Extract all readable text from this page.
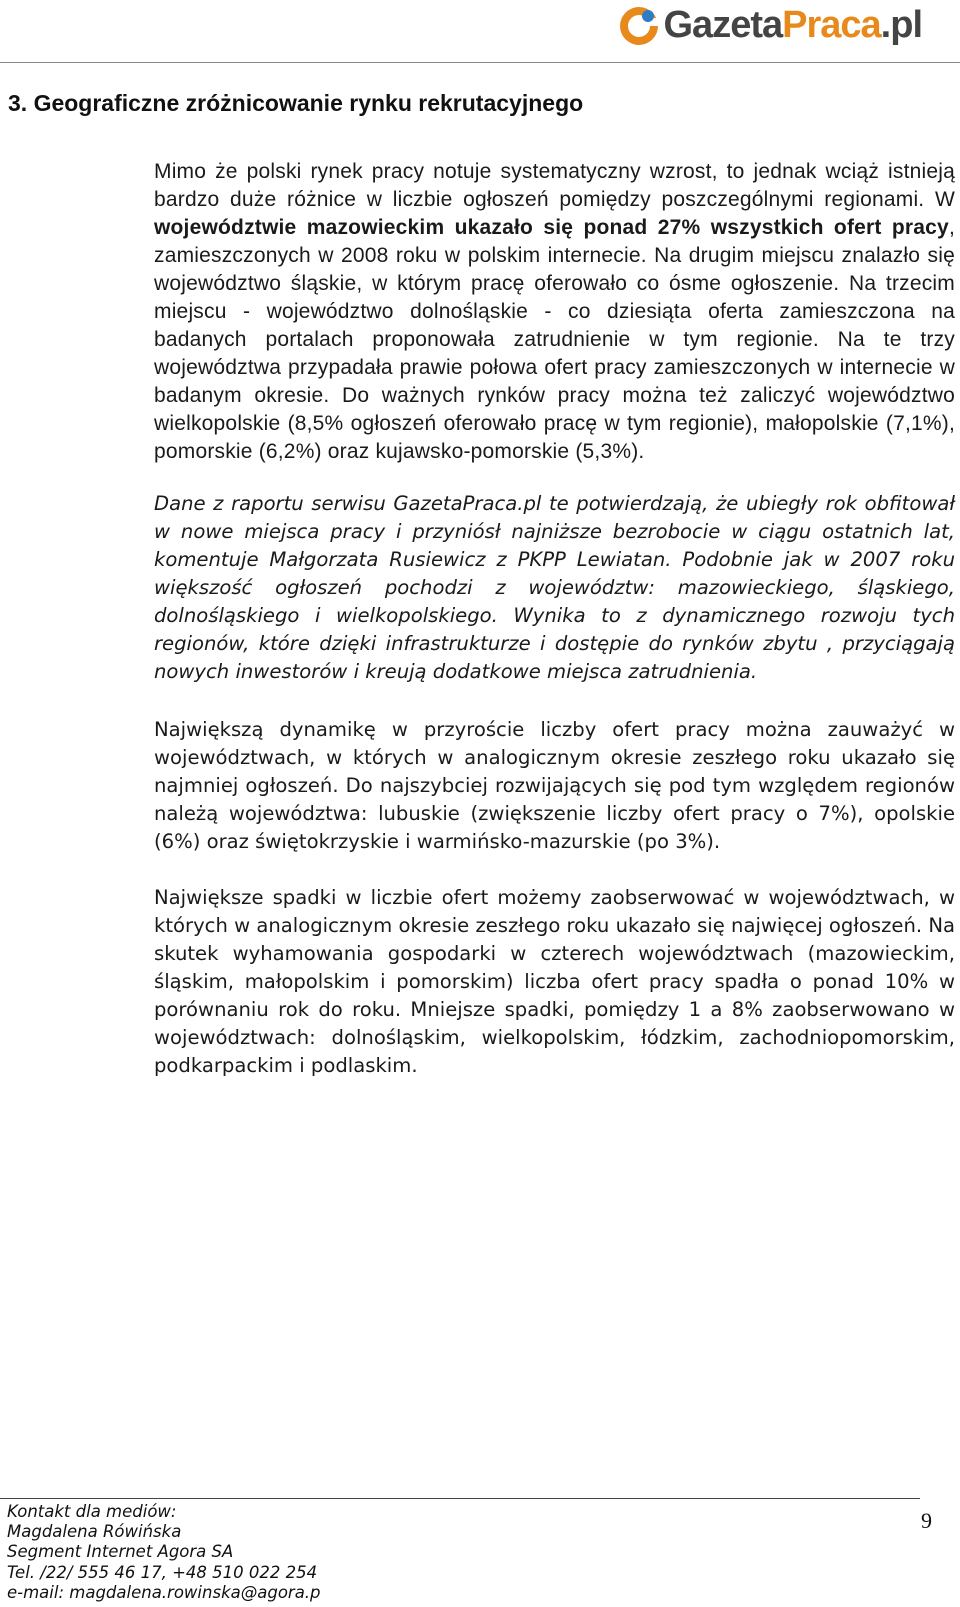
GazetaPraca.pl
3. Geograficzne zróżnicowanie rynku rekrutacyjnego

Mimo że polski rynek pracy notuje systematyczny wzrost, to jednak wciąż istnieją bardzo duże różnice w liczbie ogłoszeń pomiędzy poszczególnymi regionami. W województwie mazowieckim ukazało się ponad 27% wszystkich ofert pracy, zamieszczonych w 2008 roku w polskim internecie. Na drugim miejscu znalazło się województwo śląskie, w którym pracę oferowało co ósme ogłoszenie. Na trzecim miejscu - województwo dolnośląskie - co dziesiąta oferta zamieszczona na badanych portalach proponowała zatrudnienie w tym regionie. Na te trzy województwa przypadała prawie połowa ofert pracy zamieszczonych w internecie w badanym okresie. Do ważnych rynków pracy można też zaliczyć województwo wielkopolskie (8,5% ogłoszeń oferowało pracę w tym regionie), małopolskie (7,1%), pomorskie (6,2%) oraz kujawsko-pomorskie (5,3%).

Dane z raportu serwisu GazetaPraca.pl te potwierdzają, że ubiegły rok obfitował w nowe miejsca pracy i przyniósł najniższe bezrobocie w ciągu ostatnich lat, komentuje Małgorzata Rusiewicz z PKPP Lewiatan. Podobnie jak w 2007 roku większość ogłoszeń pochodzi z województw: mazowieckiego, śląskiego, dolnośląskiego i wielkopolskiego. Wynika to z dynamicznego rozwoju tych regionów, które dzięki infrastrukturze i dostępie do rynków zbytu , przyciągają nowych inwestorów i kreują dodatkowe miejsca zatrudnienia.

Największą dynamikę w przyroście liczby ofert pracy można zauważyć w województwach, w których w analogicznym okresie zeszłego roku ukazało się najmniej ogłoszeń. Do najszybciej rozwijających się pod tym względem regionów należą województwa: lubuskie (zwiększenie liczby ofert pracy o 7%), opolskie (6%) oraz świętokrzyskie i warmińsko-mazurskie (po 3%).

Największe spadki w liczbie ofert możemy zaobserwować w województwach, w których w analogicznym okresie zeszłego roku ukazało się najwięcej ogłoszeń. Na skutek wyhamowania gospodarki w czterech województwach (mazowieckim, śląskim, małopolskim i pomorskim) liczba ofert pracy spadła o ponad 10% w porównaniu rok do roku. Mniejsze spadki, pomiędzy 1 a 8% zaobserwowano w województwach: dolnośląskim, wielkopolskim, łódzkim, zachodniopomorskim, podkarpackim i podlaskim.

Kontakt dla mediów:
Magdalena Rówińska
Segment Internet Agora SA
Tel. /22/ 555 46 17, +48 510 022 254
e-mail: magdalena.rowinska@agora.p
9
